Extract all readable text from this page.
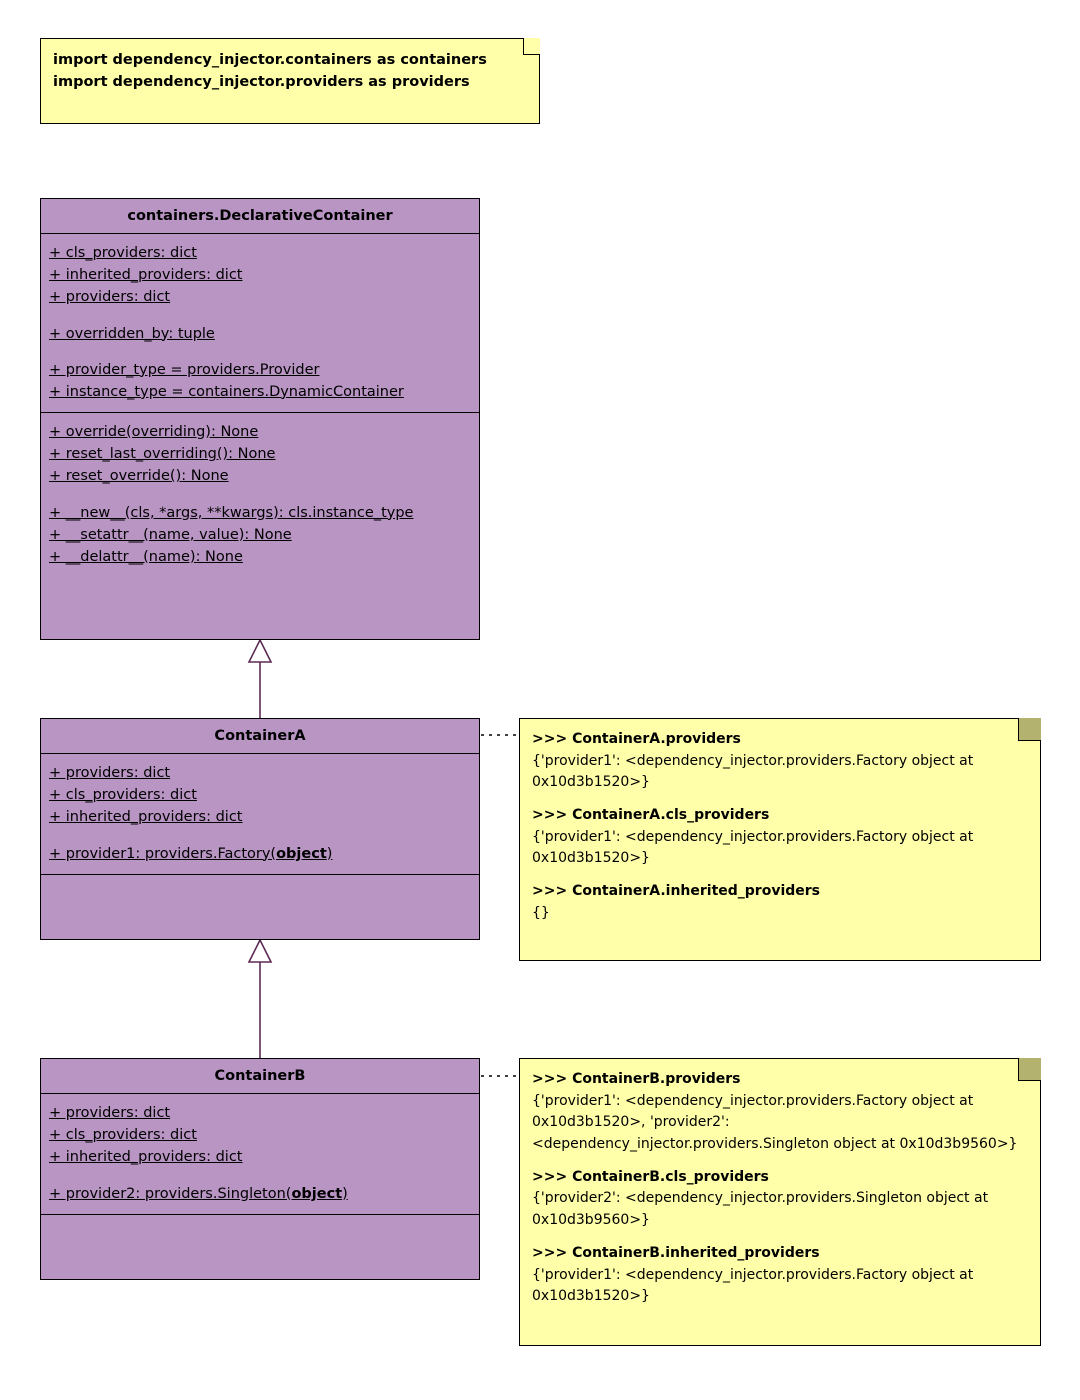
import dependency_injector.containers as containers
import dependency_injector.providers as providers
containers.DeclarativeContainer
+ cls_providers: dict
+ inherited_providers: dict
+ providers: dict
+ overridden_by: tuple
+ provider_type = providers.Provider
+ instance_type = containers.DynamicContainer
+ override(overriding): None
+ reset_last_overriding(): None
+ reset_override(): None
+ __new__(cls, *args, **kwargs): cls.instance_type
+ __setattr__(name, value): None
+ __delattr__(name): None
ContainerA
+ providers: dict
+ cls_providers: dict
+ inherited_providers: dict
+ provider1: providers.Factory(object)
ContainerB
+ providers: dict
+ cls_providers: dict
+ inherited_providers: dict
+ provider2: providers.Singleton(object)
>>> ContainerA.providers
{'provider1': <dependency_injector.providers.Factory object at 0x10d3b1520>}
>>> ContainerA.cls_providers
{'provider1': <dependency_injector.providers.Factory object at 0x10d3b1520>}
>>> ContainerA.inherited_providers
{}
>>> ContainerB.providers
{'provider1': <dependency_injector.providers.Factory object at 0x10d3b1520>, 'provider2': <dependency_injector.providers.Singleton object at 0x10d3b9560>}
>>> ContainerB.cls_providers
{'provider2': <dependency_injector.providers.Singleton object at 0x10d3b9560>}
>>> ContainerB.inherited_providers
{'provider1': <dependency_injector.providers.Factory object at 0x10d3b1520>}
